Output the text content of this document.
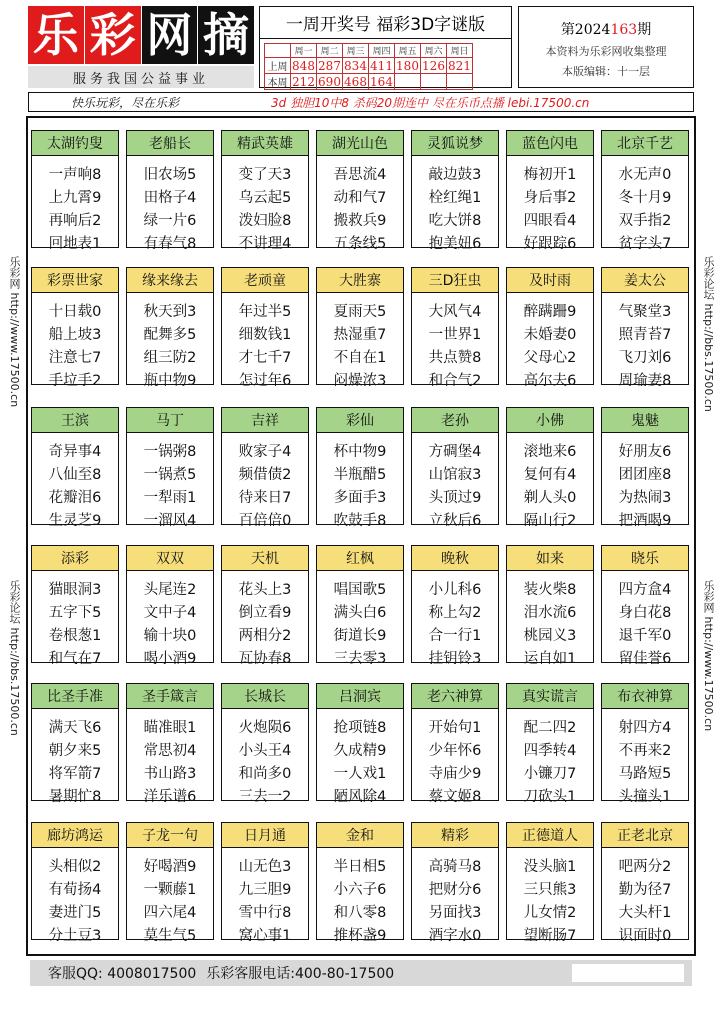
乐 彩 网 摘
服务我国公益事业
一周开奖号 福彩3D字谜版
	周一	周二	周三	周四	周五	周六	周日
上周	848	287	834	411	180	126	821
本周	212	690	468	164			
第2024163期
本资料为乐彩网收集整理
本版编辑：十一层
快乐玩彩，尽在乐彩	3d 独胆10中8 杀码20期连中 尽在乐币点播 lebi.17500.cn
乐彩网 http://www.17500.cn
乐彩论坛 http://bbs.17500.cn
乐彩论坛 http://bbs.17500.cn
乐彩网 http://www.17500.cn
太湖钓叟
一声响8
上九霄9
再响后2
回地表1
老船长
旧农场5
田格子4
绿一片6
有春气8
精武英雄
变了天3
乌云起5
泼妇脸8
不讲理4
湖光山色
吾思流4
动和气7
搬救兵9
五条线5
灵狐说梦
敲边鼓3
栓红绳1
吃大饼8
抱美妞6
蓝色闪电
梅初开1
身后事2
四眼看4
好跟踪6
北京千艺
水无声0
冬十月9
双手指2
贫字头7
彩票世家
十日载0
船上坡3
注意七7
手垃手2
缘来缘去
秋天到3
配舞多5
组三防2
瓶中物9
老顽童
年过半5
细数钱1
才七千7
怎过年6
大胜寨
夏雨天5
热湿重7
不自在1
闷燥浓3
三D狂虫
大风气4
一世界1
共点赞8
和合气2
及时雨
醉蹒跚9
未婚妻0
父母心2
高尔夫6
姜太公
气聚堂3
照青苔7
飞刀刘6
周瑜妻8
王滨
奇异事4
八仙至8
花瓣泪6
生灵芝9
马丁
一锅粥8
一锅煮5
一犁雨1
一溜风4
吉祥
败家子4
频借债2
待来日7
百倍倍0
彩仙
杯中物9
半瓶醋5
多面手3
吹鼓手8
老孙
方碉堡4
山馆寂3
头顶过9
立秋后6
小佛
滚地来6
复何有4
剃人头0
隔山行2
鬼魅
好朋友6
团团座8
为热闹3
把酒喝9
添彩
猫眼洞3
五字下5
卷根葱1
和气在7
双双
头尾连2
文中子4
输十块0
喝小酒9
天机
花头上3
倒立看9
两相分2
瓦协春8
红枫
唱国歌5
满头白6
街道长9
三去零3
晚秋
小儿科6
称上勾2
合一行1
挂钥铃3
如来
装火柴8
泪水流6
桃园义3
运自如1
晓乐
四方盒4
身白花8
退千军0
留佳誉6
比圣手准
满天飞6
朝夕来5
将军箭7
暑期忙8
圣手箴言
瞄准眼1
常思初4
书山路3
洋乐谱6
长城长
火炮陨6
小头王4
和尚多0
三去一2
吕洞宾
抢项链8
久成精9
一人戏1
陋风除4
老六神算
开始句1
少年怀6
寺庙少9
蔡文姬8
真实谎言
配二四2
四季转4
小镰刀7
刀砍头1
布衣神算
射四方4
不再来2
马路短5
头撞头1
廊坊鸿运
头相似2
有荀扬4
妻进门5
分土豆3
子龙一句
好喝酒9
一颗藤1
四六尾4
莫生气5
日月通
山无色3
九三胆9
雪中行8
窝心事1
金和
半日相5
小六子6
和八零8
推杯盏9
精彩
高骑马8
把财分6
另面找3
酒字水0
正德道人
没头脑1
三只熊3
儿女情2
望断肠7
正老北京
吧两分2
勤为径7
大头杆1
识面时0
客服QQ: 4008017500 乐彩客服电话:400-80-17500
